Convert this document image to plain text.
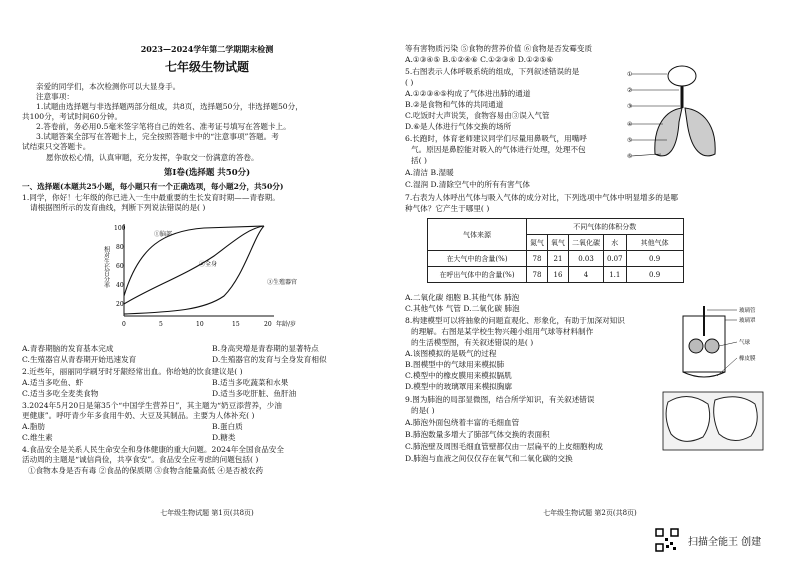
2023—2024学年第二学期期末检测
七年级生物试题
亲爱的同学们，本次检测你可以大显身手。
注意事项：
1.试题由选择题与非选择题两部分组成，共8页，选择题50分，非选择题50分，
共100分，考试时间60分钟。
2.答卷前，务必用0.5毫米签字笔将自己的姓名、准考证号填写在答题卡上。
3.试题答案全部写在答题卡上，完全按照答题卡中的“注意事项”答题。考
试结束只交答题卡。
愿你放松心情，认真审题，充分发挥，争取交一份满意的答卷。
第Ⅰ卷(选择题 共50分)
一、选择题(本题共25小题，每小题只有一个正确选项，每小题2分，共50分)
1.同学，你好！七年级的你已进入一生中最重要的生长发育时期——青春期。
请根据图所示的发育曲线，判断下列说法错误的是( )
100
80
60
40
20
0	5	10	15	20 年龄/岁
相对生长百分率
①脑部
②全身
③生殖器官
A.青春期脑的发育基本完成	B.身高突增是青春期的显著特点
C.生殖器官从青春期开始迅速发育	D.生殖器官的发育与全身发育相似
2.近些年，丽丽同学刷牙时牙龈经常出血。你给她的饮食建议是( )
A.适当多吃鱼、虾	B.适当多吃蔬菜和水果
C.适当多吃全麦类食物	D.适当多吃肝脏、鱼肝油
3.2024年5月20日是第35个“中国学生营养日”，其主题为“奶豆添营养，少油
更健康”。呼吁青少年多食用牛奶、大豆及其制品。主要为人体补充( )
A.脂肪	B.蛋白质
C.维生素	D.糖类
4.食品安全是关系人民生命安全和身体健康的重大问题。2024年全国食品安全
活动周的主题是“诚信尚俭，共享食安”。食品安全应考虑的问题包括( )
①食物本身是否有毒 ②食品的保质期 ③食物含能量高低 ④是否被农药
七年级生物试题 第1页(共8页)
等有害物质污染 ⑤食物的营养价值 ⑥食物是否发霉变质
A.①③④⑤ B.①②④⑥ C.①②③④ D.①②⑤⑥
5.右图表示人体呼吸系统的组成，下列叙述错误的是
( )
A.①②③④⑤构成了气体进出肺的通道
B.②是食物和气体的共同通道
C.吃饭时大声说笑，食物容易由③误入气管
D.⑥是人体进行气体交换的场所
①
②
③
④
⑤
⑥
6.长跑时，体育老师建议同学们尽量用鼻吸气，用嘴呼
气。原因是鼻腔能对吸入的气体进行处理，处理不包
括( )
A.清洁 B.湿暖
C.湿润 D.清除空气中的所有有害气体
7.右表为人体呼出气体与吸入气体的成分对比，下列选项中气体中明显增多的是哪
种气体？它产生于哪里( )
气体来源	不同气体的体积分数				
	氮气	氧气	二氧化碳	水	其他气体
在大气中的含量(%)	78	21	0.03	0.07	0.9
在呼出气体中的含量(%)	78	16	4	1.1	0.9
A.二氧化碳 细胞 B.其他气体 肺泡
C.其他气体 气管 D.二氧化碳 肺泡
8.构建模型可以将抽象的问题直观化、形象化，有助于加深对知识
的理解。右图是某学校生物兴趣小组用气球等材料制作
的生活模型图，有关叙述错误的是( )
A.该图模拟的是吸气的过程
B.图模型中的气球用来模拟肺
C.模型中的橡皮膜用来模拟膈肌
D.模型中的玻璃罩用来模拟胸廓
玻璃管
玻璃罩
气球
橡皮膜
9.图为肺泡的局部显微图，结合所学知识，有关叙述错误
的是( )
A.肺泡外面包绕着丰富的毛细血管
B.肺泡数量多增大了肺部气体交换的表面积
C.肺泡壁及周围毛细血管壁都仅由一层扁平的上皮细胞构成
D.肺泡与血液之间仅仅存在氧气和二氧化碳的交换
七年级生物试题 第2页(共8页)
扫描全能王 创建
